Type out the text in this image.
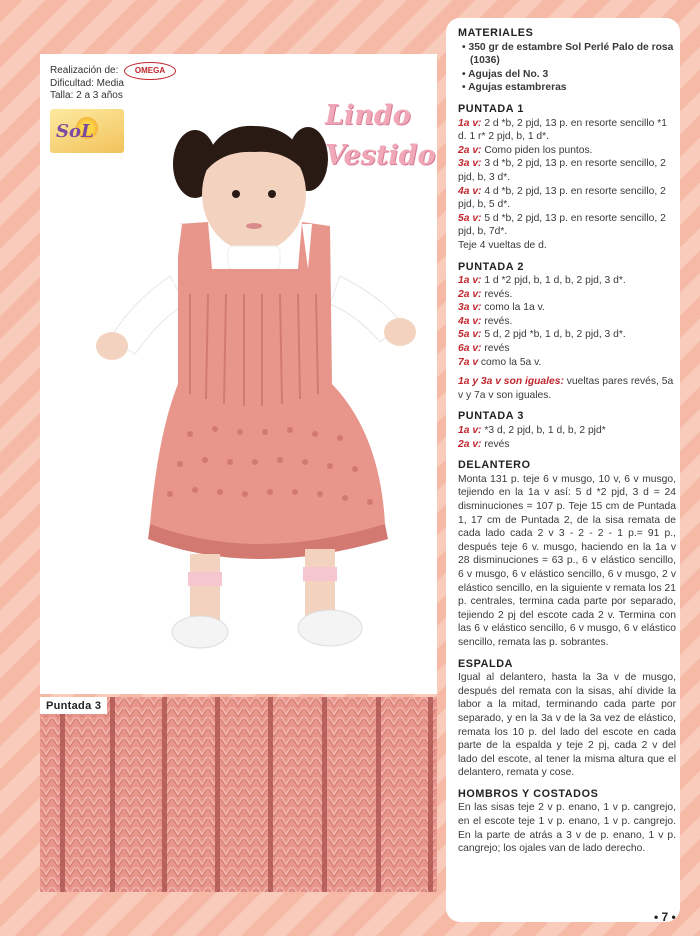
Realización de:
Dificultad: Media
Talla: 2 a 3 años
OMEGA
SoL
Lindo
Vestido
Puntada 3
MATERIALES
• 350 gr de estambre Sol Perlé Palo de rosa (1036)
• Agujas del No. 3
• Agujas estambreras
PUNTADA 1
1a v: 2 d *b, 2 pjd, 13 p. en resorte sencillo *1 d. 1 r* 2 pjd, b, 1 d*.
2a v: Como piden los puntos.
3a v: 3 d *b, 2 pjd, 13 p. en resorte sencillo, 2 pjd, b, 3 d*.
4a v: 4 d *b, 2 pjd, 13 p. en resorte sencillo, 2 pjd, b, 5 d*.
5a v: 5 d *b, 2 pjd, 13 p. en resorte sencillo, 2 pjd, b, 7d*.
Teje 4 vueltas de d.
PUNTADA 2
1a v: 1 d *2 pjd, b, 1 d, b, 2 pjd, 3 d*.
2a v: revés.
3a v: como la 1a v.
4a v: revés.
5a v: 5 d, 2 pjd *b, 1 d, b, 2 pjd, 3 d*.
6a v: revés
7a v como la 5a v.
1a y 3a v son iguales: vueltas pares revés, 5a v y 7a v son iguales.
PUNTADA 3
1a v: *3 d, 2 pjd, b, 1 d, b, 2 pjd*
2a v: revés
DELANTERO
Monta 131 p. teje 6 v musgo, 10 v, 6 v musgo, tejiendo en la 1a v así: 5 d *2 pjd, 3 d = 24 disminuciones = 107 p. Teje 15 cm de Puntada 1, 17 cm de Puntada 2, de la sisa remata de cada lado cada 2 v 3 - 2 - 2 - 1 p.= 91 p., después teje 6 v. musgo, haciendo en la 1a v 28 disminuciones = 63 p., 6 v elástico sencillo, 6 v musgo, 6 v elástico sencillo, 6 v musgo, 2 v elástico sencillo, en la siguiente v remata los 21 p. centrales, termina cada parte por separado, tejiendo 2 pj del escote cada 2 v. Termina con las 6 v elástico sencillo, 6 v musgo, 6 v elástico sencillo, remata las p. sobrantes.
ESPALDA
Igual al delantero, hasta la 3a v de musgo, después del remata con la sisas, ahí divide la labor a la mitad, terminando cada parte por separado, y en la 3a v de la 3a vez de elástico, remata los 10 p. del lado del escote en cada parte de la espalda y teje 2 pj, cada 2 v del lado del escote, al tener la misma altura que el delantero, remata y cose.
HOMBROS Y COSTADOS
En las sisas teje 2 v p. enano, 1 v p. cangrejo, en el escote teje 1 v p. enano, 1 v p. cangrejo. En la parte de atrás a 3 v de p. enano, 1 v p. cangrejo; los ojales van de lado derecho.
• 7 •
